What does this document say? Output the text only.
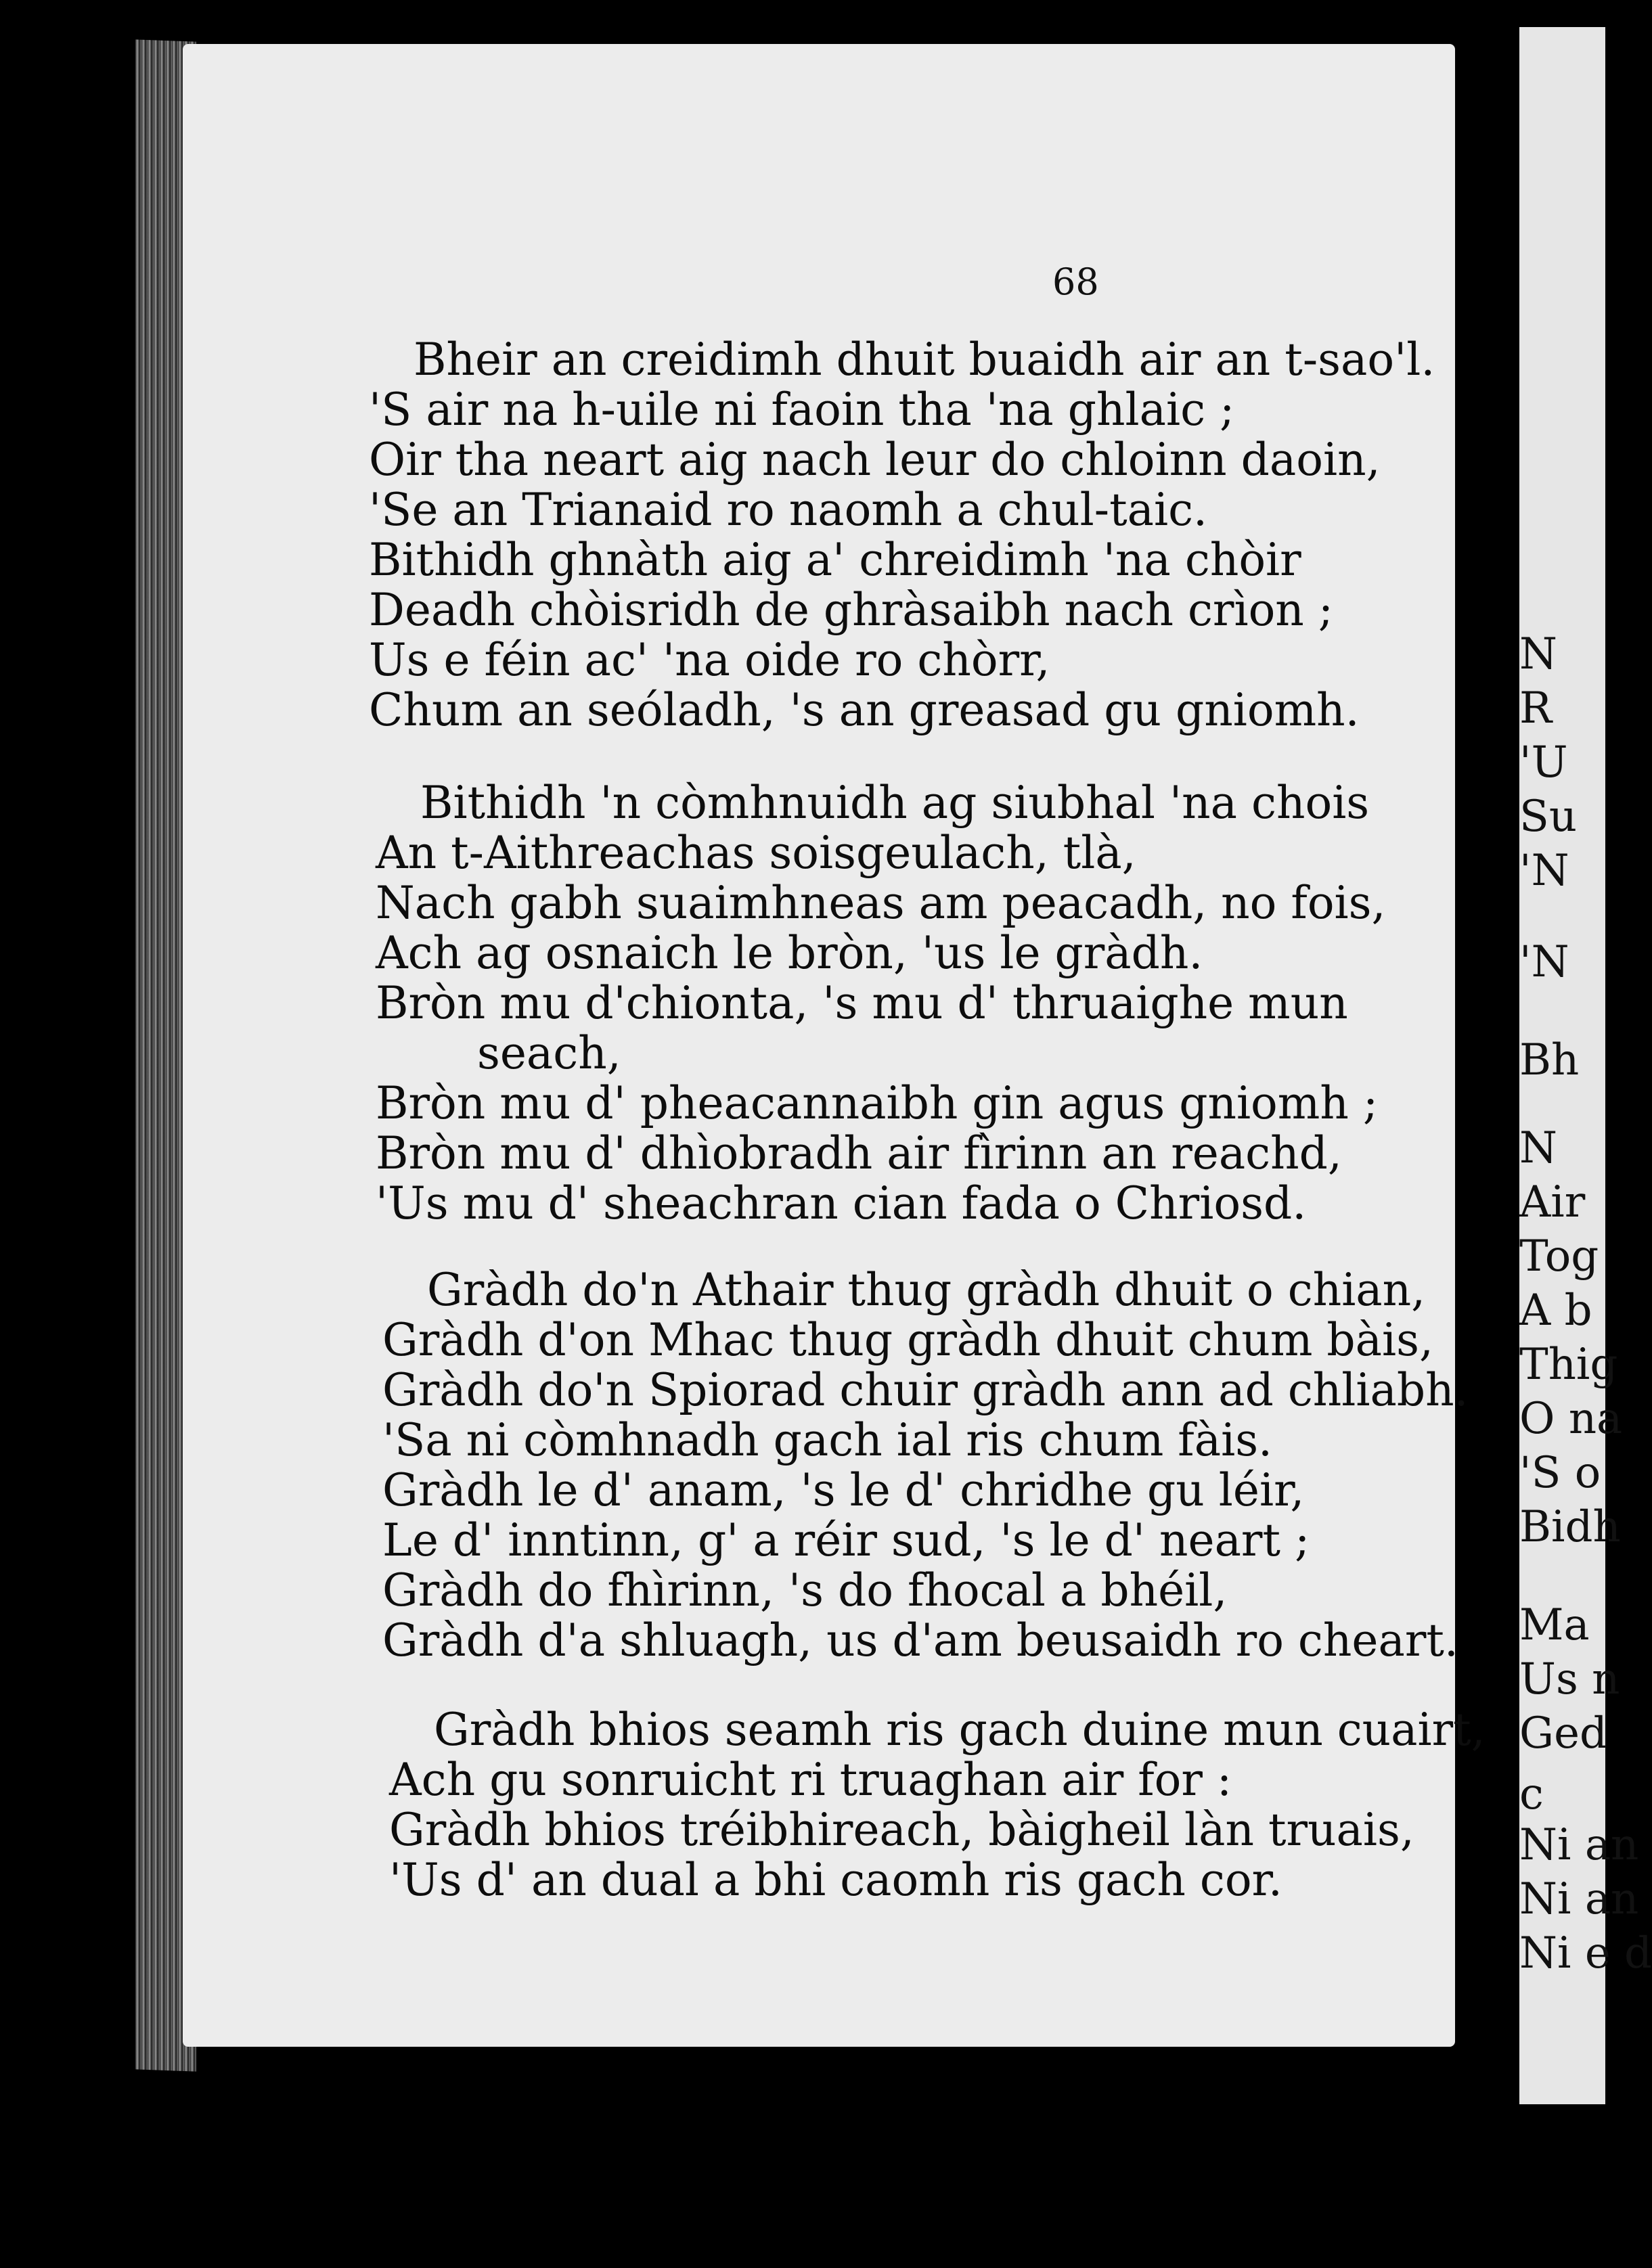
N
R
'U
Su
'N
'N
Bh
N
Air
Tog
A b
Thig
O na
'S o
Bidh
Ma
Us n
Ged
c
Ni an
Ni an
Ni e d
68
Bheir an creidimh dhuit buaidh air an t-sao'l.
'S air na h-uile ni faoin tha 'na ghlaic ;
Oir tha neart aig nach leur do chloinn daoin,
'Se an Trianaid ro naomh a chul-taic.
Bithidh ghnàth aig a' chreidimh 'na chòir
Deadh chòisridh de ghràsaibh nach crìon ;
Us e féin ac' 'na oide ro chòrr,
Chum an seóladh, 's an greasad gu gniomh.
Bithidh 'n còmhnuidh ag siubhal 'na chois
An t-Aithreachas soisgeulach, tlà,
Nach gabh suaimhneas am peacadh, no fois,
Ach ag osnaich le bròn, 'us le gràdh.
Bròn mu d'chionta, 's mu d' thruaighe mun
seach,
Bròn mu d' pheacannaibh gin agus gniomh ;
Bròn mu d' dhìobradh air fìrinn an reachd,
'Us mu d' sheachran cian fada o Chriosd.
Gràdh do'n Athair thug gràdh dhuit o chian,
Gràdh d'on Mhac thug gràdh dhuit chum bàis,
Gràdh do'n Spiorad chuir gràdh ann ad chliabh.
'Sa ni còmhnadh gach ial ris chum fàis.
Gràdh le d' anam, 's le d' chridhe gu léir,
Le d' inntinn, g' a réir sud, 's le d' neart ;
Gràdh do fhìrinn, 's do fhocal a bhéil,
Gràdh d'a shluagh, us d'am beusaidh ro cheart.
Gràdh bhios seamh ris gach duine mun cuairt,
Ach gu sonruicht ri truaghan air for :
Gràdh bhios tréibhireach, bàigheil làn truais,
'Us d' an dual a bhi caomh ris gach cor.
